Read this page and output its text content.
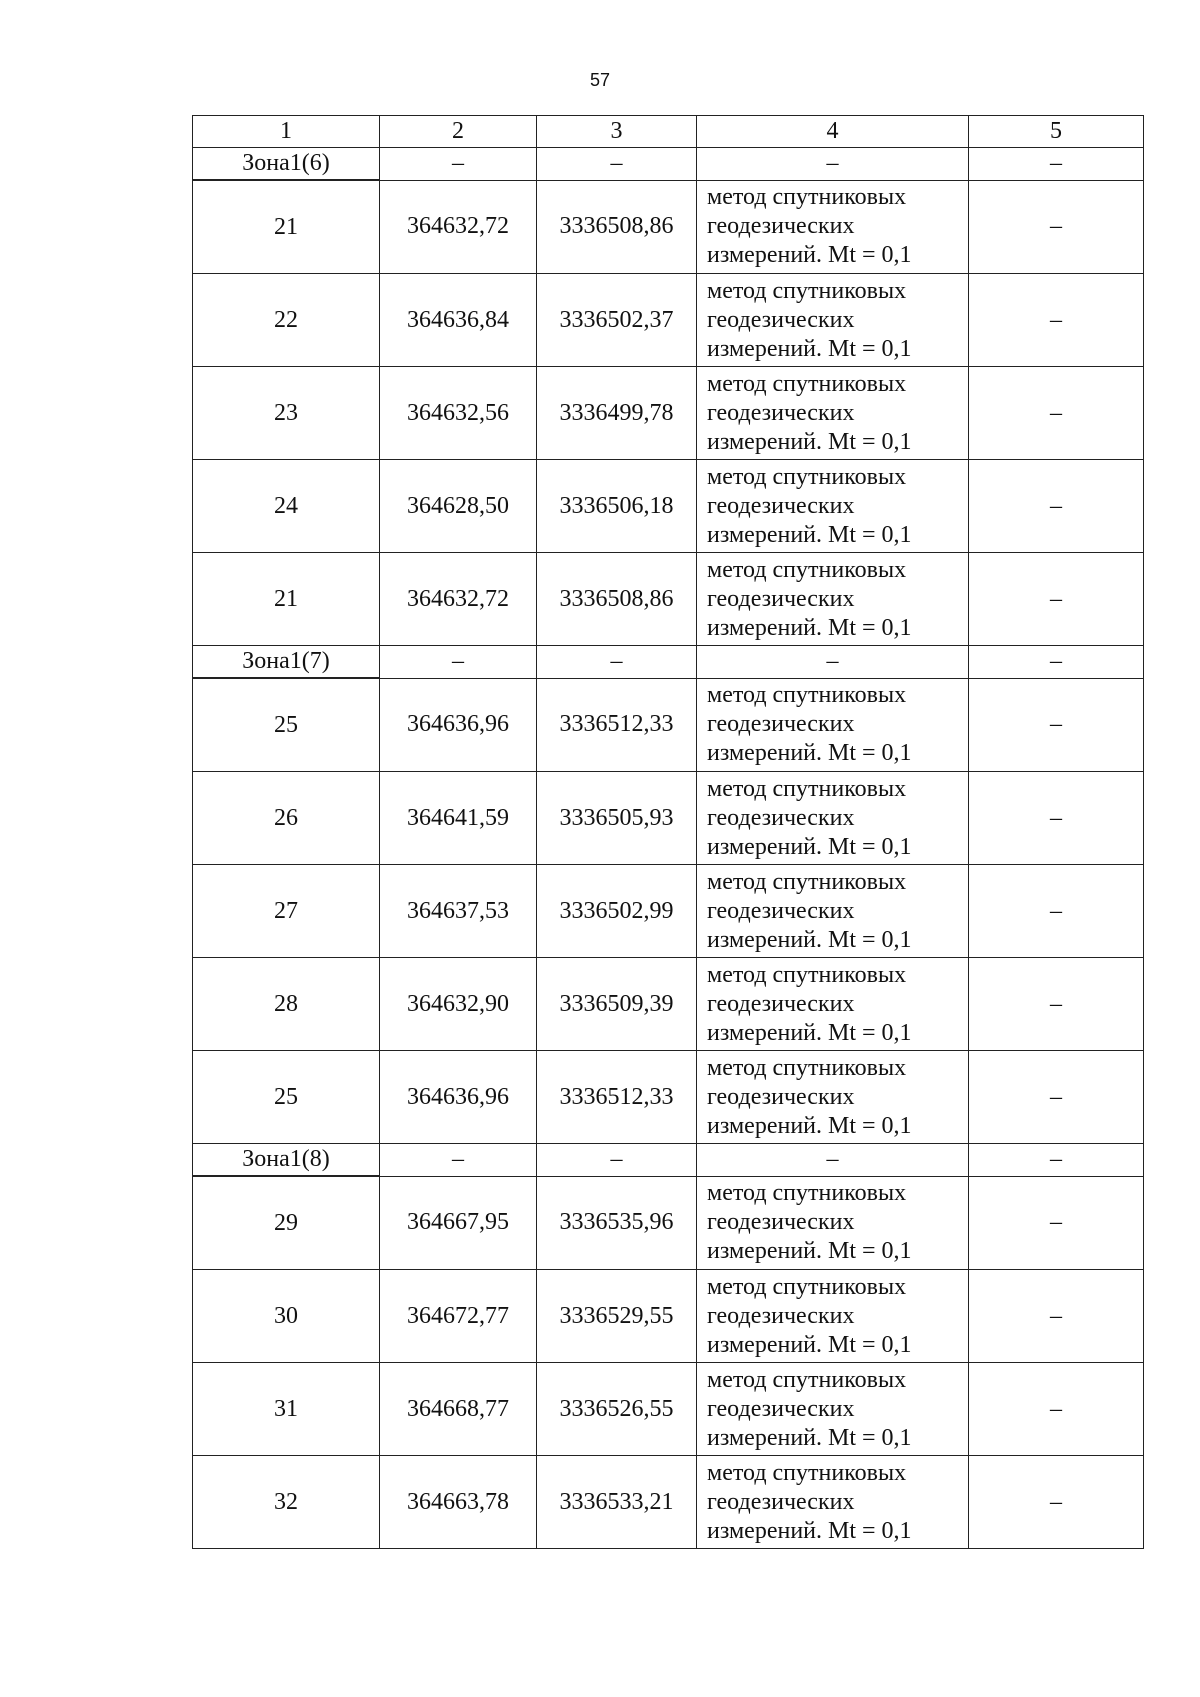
57
1	2	3	4	5
Зона1(6)	–	–	–	–
21	364632,72	3336508,86	метод спутниковых
геодезических
измерений. Mt = 0,1	–
22	364636,84	3336502,37	метод спутниковых
геодезических
измерений. Mt = 0,1	–
23	364632,56	3336499,78	метод спутниковых
геодезических
измерений. Mt = 0,1	–
24	364628,50	3336506,18	метод спутниковых
геодезических
измерений. Mt = 0,1	–
21	364632,72	3336508,86	метод спутниковых
геодезических
измерений. Mt = 0,1	–
Зона1(7)	–	–	–	–
25	364636,96	3336512,33	метод спутниковых
геодезических
измерений. Mt = 0,1	–
26	364641,59	3336505,93	метод спутниковых
геодезических
измерений. Mt = 0,1	–
27	364637,53	3336502,99	метод спутниковых
геодезических
измерений. Mt = 0,1	–
28	364632,90	3336509,39	метод спутниковых
геодезических
измерений. Mt = 0,1	–
25	364636,96	3336512,33	метод спутниковых
геодезических
измерений. Mt = 0,1	–
Зона1(8)	–	–	–	–
29	364667,95	3336535,96	метод спутниковых
геодезических
измерений. Mt = 0,1	–
30	364672,77	3336529,55	метод спутниковых
геодезических
измерений. Mt = 0,1	–
31	364668,77	3336526,55	метод спутниковых
геодезических
измерений. Mt = 0,1	–
32	364663,78	3336533,21	метод спутниковых
геодезических
измерений. Mt = 0,1	–
